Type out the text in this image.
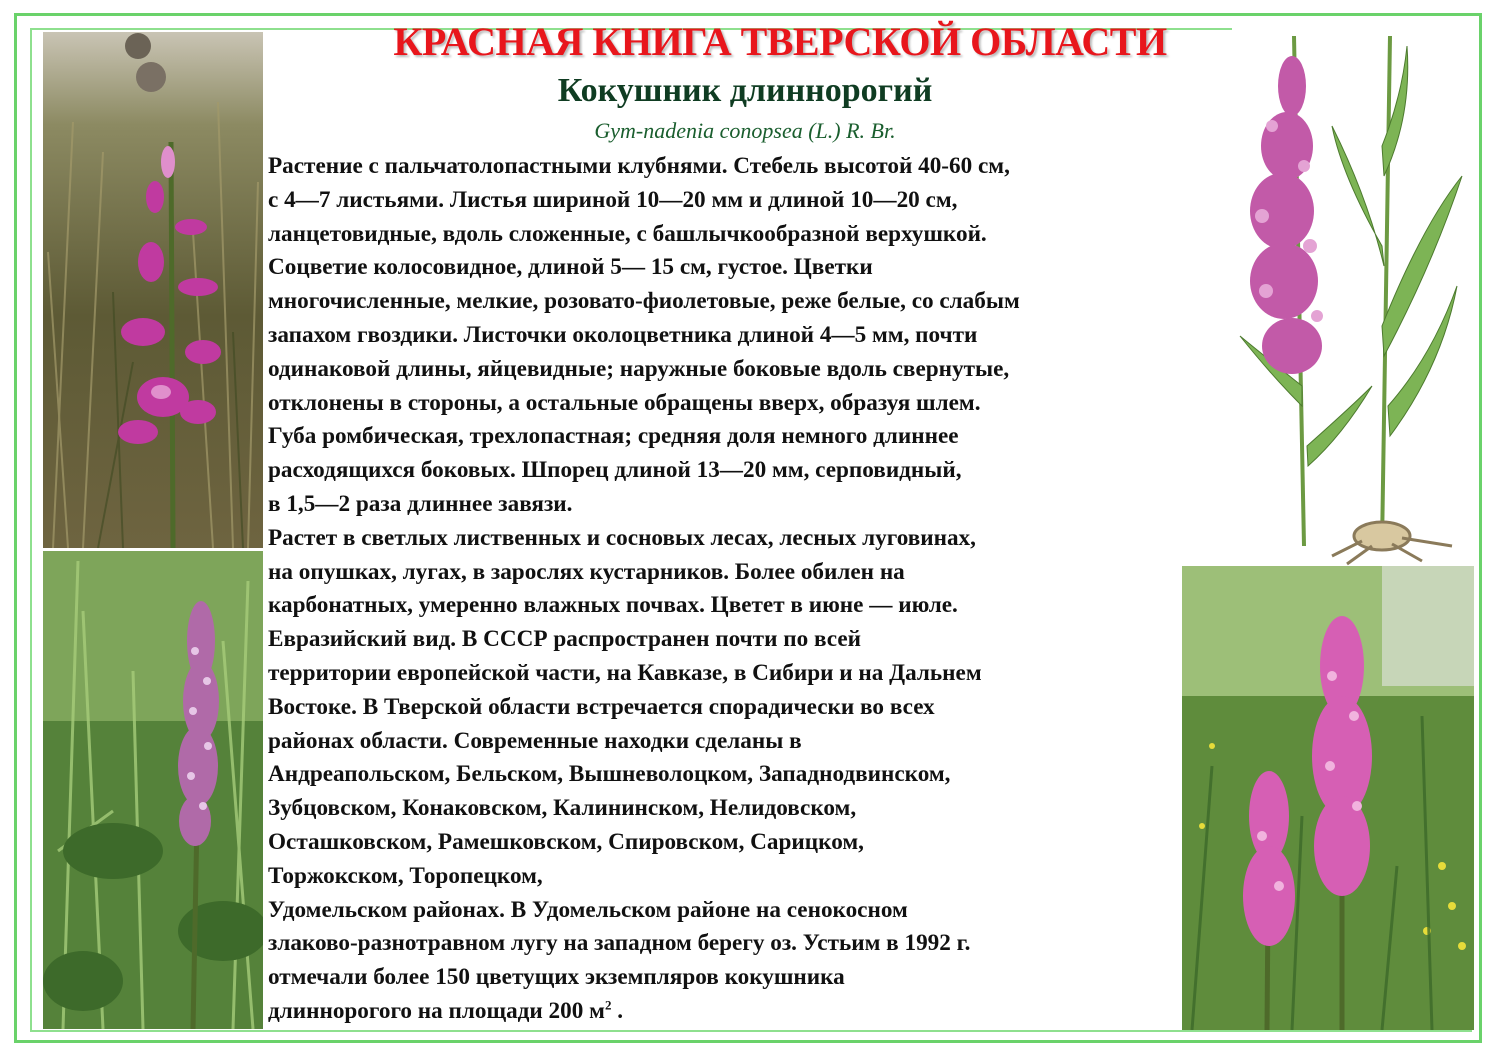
КРАСНАЯ КНИГА ТВЕРСКОЙ ОБЛАСТИ
Кокушник длиннорогий

Gym-nadenia conopsea (L.) R. Br.

Растение с пальчатолопастными клубнями. Стебель высотой 40-60 см,
с 4—7 листьями. Листья шириной 10—20 мм и длиной 10—20 см,
ланцетовидные, вдоль сложенные, с башлычкообразной верхушкой.
Соцветие колосовидное, длиной 5— 15 см, густое. Цветки
многочисленные, мелкие, розовато-фиолетовые, реже белые, со слабым
запахом гвоздики. Листочки околоцветника длиной 4—5 мм, почти
одинаковой длины, яйцевидные; наружные боковые вдоль свернутые,
отклонены в стороны, а остальные обращены вверх, образуя шлем.
Губа ромбическая, трехлопастная; средняя доля немного длиннее
расходящихся боковых. Шпорец длиной 13—20 мм, серповидный,
в 1,5—2 раза длиннее завязи.
Растет в светлых лиственных и сосновых лесах, лесных луговинах,
на опушках, лугах, в зарослях кустарников. Более обилен на
карбонатных, умеренно влажных почвах. Цветет в июне — июле.
Евразийский вид. В СССР распространен почти по всей
территории европейской части, на Кавказе, в Сибири и на Дальнем
Востоке. В Тверской области встречается спорадически во всех
районах области. Современные находки сделаны в
Андреапольском, Бельском, Вышневолоцком, Западнодвинском,
Зубцовском, Конаковском, Калининском, Нелидовском,
Осташковском, Рамешковском, Спировском, Сарицком,
Торжокском, Торопецком,
Удомельском районах. В Удомельском районе на сенокосном
злаково-разнотравном лугу на западном берегу оз. Устьим в 1992 г.
отмечали более 150 цветущих экземпляров кокушника
длиннорогого на площади 200 $м^2$ .
